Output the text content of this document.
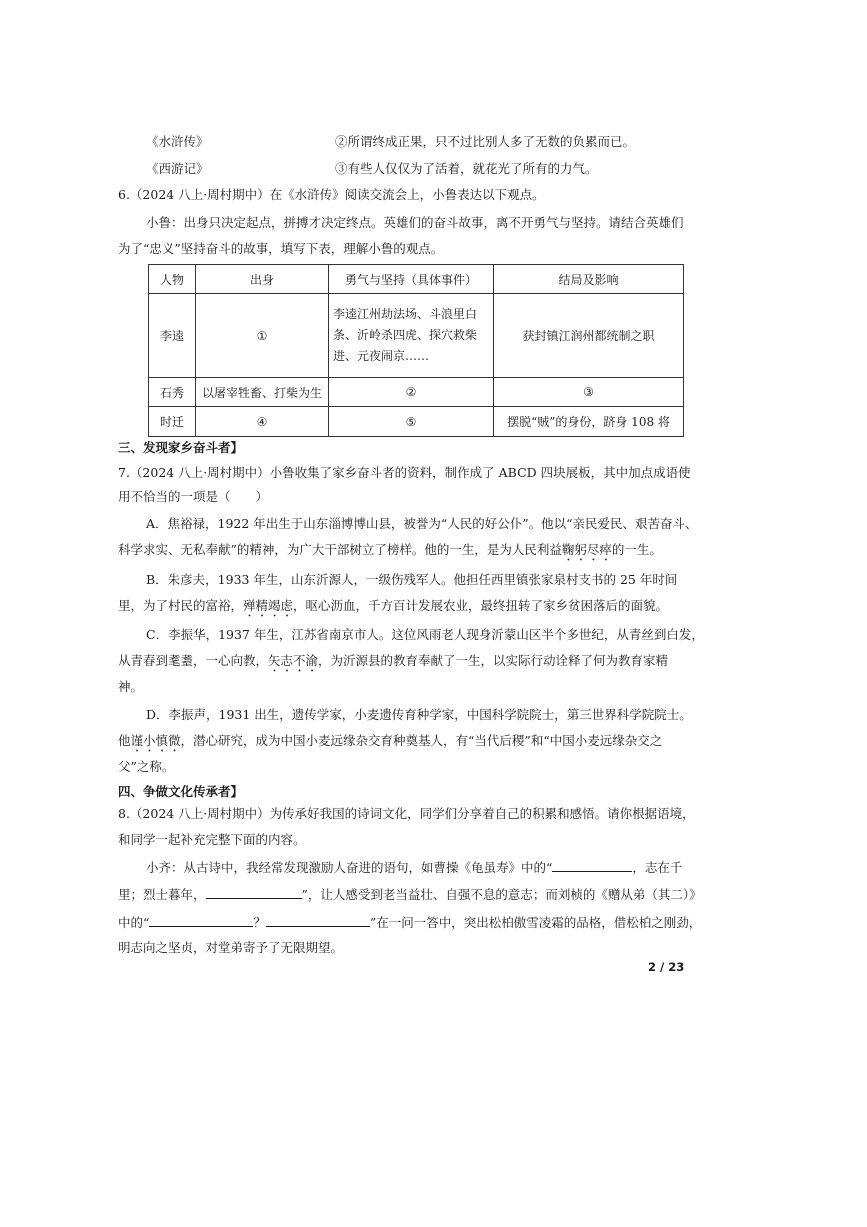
《水浒传》	②所谓终成正果，只不过比别人多了无数的负累而已。
《西游记》	③有些人仅仅为了活着，就花光了所有的力气。
6.（2024 八上·周村期中）在《水浒传》阅读交流会上，小鲁表达以下观点。
小鲁：出身只决定起点，拼搏才决定终点。英雄们的奋斗故事，离不开勇气与坚持。请结合英雄们
为了“忠义”坚持奋斗的故事，填写下表，理解小鲁的观点。
人物	出身	勇气与坚持（具体事件）	结局及影响
李逵	①	李逵江州劫法场、斗浪里白
条、沂岭杀四虎、探穴救柴
进、元夜闹京……	获封镇江润州都统制之职
石秀	以屠宰牲畜、打柴为生	②	③
时迁	④	⑤	摆脱“贼”的身份，跻身 108 将
三、发现家乡奋斗者】
7.（2024 八上·周村期中）小鲁收集了家乡奋斗者的资料，制作成了 ABCD 四块展板，其中加点成语使
用不恰当的一项是（　　）
A．焦裕禄，1922 年出生于山东淄博博山县，被誉为“人民的好公仆”。他以“亲民爱民、艰苦奋斗、
科学求实、无私奉献”的精神，为广大干部树立了榜样。他的一生，是为人民利益鞠躬尽瘁的一生。
B．朱彦夫，1933 年生，山东沂源人，一级伤残军人。他担任西里镇张家泉村支书的 25 年时间
里，为了村民的富裕，殚精竭虑，呕心沥血，千方百计发展农业，最终扭转了家乡贫困落后的面貌。
C．李振华，1937 年生，江苏省南京市人。这位风雨老人现身沂蒙山区半个多世纪，从青丝到白发，
从青春到耄耋，一心向教，矢志不渝，为沂源县的教育奉献了一生，以实际行动诠释了何为教育家精
神。
D．李振声，1931 出生，遗传学家，小麦遗传育种学家，中国科学院院士，第三世界科学院院士。
他谨小慎微，潜心研究，成为中国小麦远缘杂交育种奠基人，有“当代后稷”和“中国小麦远缘杂交之
父”之称。
四、争做文化传承者】
8.（2024 八上·周村期中）为传承好我国的诗词文化，同学们分享着自己的积累和感悟。请你根据语境，
和同学一起补充完整下面的内容。
小齐：从古诗中，我经常发现激励人奋进的语句，如曹操《龟虽寿》中的“	，志在千
里；烈士暮年，	”，让人感受到老当益壮、自强不息的意志；而刘桢的《赠从弟（其二）》
中的“	？	”在一问一答中，突出松柏傲雪凌霜的品格，借松柏之刚劲，
明志向之坚贞，对堂弟寄予了无限期望。
2 / 23
